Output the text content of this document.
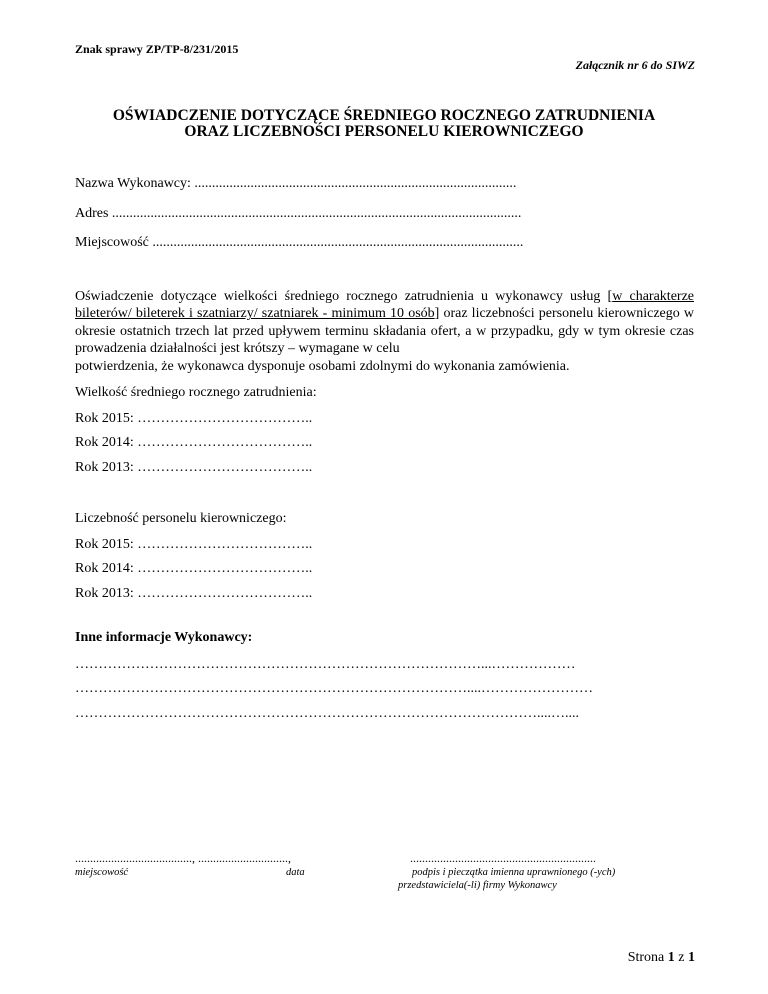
Znak sprawy ZP/TP-8/231/2015
Załącznik nr 6 do SIWZ
OŚWIADCZENIE DOTYCZĄCE ŚREDNIEGO ROCZNEGO ZATRUDNIENIA
ORAZ LICZEBNOŚCI PERSONELU KIEROWNICZEGO
Nazwa Wykonawcy: ............................................................................................
Adres .....................................................................................................................
Miejscowość ..........................................................................................................
Oświadczenie dotyczące wielkości średniego rocznego zatrudnienia u wykonawcy usług [w charakterze bileterów/ bileterek i szatniarzy/ szatniarek - minimum 10 osób] oraz liczebności personelu kierowniczego w okresie ostatnich trzech lat przed upływem terminu składania ofert, a w przypadku, gdy w tym okresie czas prowadzenia działalności jest krótszy – wymagane w celu
potwierdzenia, że wykonawca dysponuje osobami zdolnymi do wykonania zamówienia.
Wielkość średniego rocznego zatrudnienia:
Rok 2015: ………………………………..
Rok 2014: ………………………………..
Rok 2013: ………………………………..
Liczebność personelu kierowniczego:
Rok 2015: ………………………………..
Rok 2014: ………………………………..
Rok 2013: ………………………………..
Inne informacje Wykonawcy:
……………………………………………………………………………...………………
…………………………………………………………………………....……………………
………………………………………………………………………………………....…....
......................................., ..............................,
miejscowość	data
..............................................................
podpis i pieczątka imienna uprawnionego (-ych)
przedstawiciela(-li) firmy Wykonawcy
Strona 1 z 1
